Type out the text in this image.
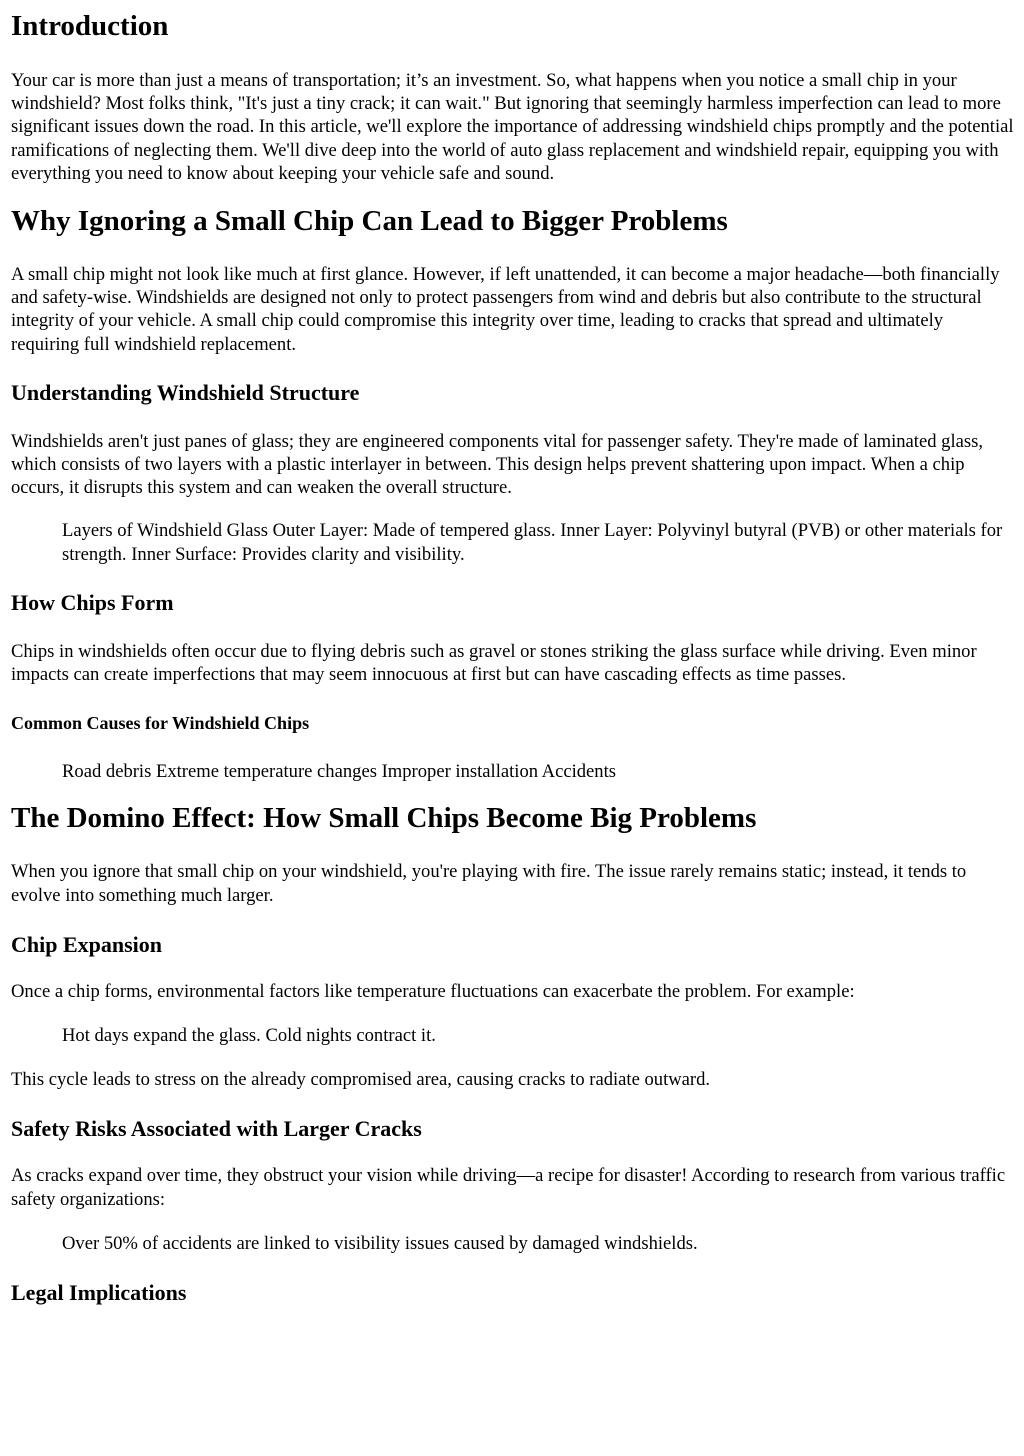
Introduction

Your car is more than just a means of transportation; it’s an investment. So, what happens when you notice a small chip in your windshield? Most folks think, "It's just a tiny crack; it can wait." But ignoring that seemingly harmless imperfection can lead to more significant issues down the road. In this article, we'll explore the importance of addressing windshield chips promptly and the potential ramifications of neglecting them. We'll dive deep into the world of auto glass replacement and windshield repair, equipping you with everything you need to know about keeping your vehicle safe and sound.

Why Ignoring a Small Chip Can Lead to Bigger Problems

A small chip might not look like much at first glance. However, if left unattended, it can become a major headache—both financially and safety-wise. Windshields are designed not only to protect passengers from wind and debris but also contribute to the structural integrity of your vehicle. A small chip could compromise this integrity over time, leading to cracks that spread and ultimately requiring full windshield replacement.

Understanding Windshield Structure

Windshields aren't just panes of glass; they are engineered components vital for passenger safety. They're made of laminated glass, which consists of two layers with a plastic interlayer in between. This design helps prevent shattering upon impact. When a chip occurs, it disrupts this system and can weaken the overall structure.

Layers of Windshield Glass Outer Layer: Made of tempered glass. Inner Layer: Polyvinyl butyral (PVB) or other materials for strength. Inner Surface: Provides clarity and visibility.
How Chips Form

Chips in windshields often occur due to flying debris such as gravel or stones striking the glass surface while driving. Even minor impacts can create imperfections that may seem innocuous at first but can have cascading effects as time passes.

Common Causes for Windshield Chips
Road debris Extreme temperature changes Improper installation Accidents
The Domino Effect: How Small Chips Become Big Problems

When you ignore that small chip on your windshield, you're playing with fire. The issue rarely remains static; instead, it tends to evolve into something much larger.

Chip Expansion

Once a chip forms, environmental factors like temperature fluctuations can exacerbate the problem. For example:

Hot days expand the glass. Cold nights contract it.

This cycle leads to stress on the already compromised area, causing cracks to radiate outward.

Safety Risks Associated with Larger Cracks

As cracks expand over time, they obstruct your vision while driving—a recipe for disaster! According to research from various traffic safety organizations:

Over 50% of accidents are linked to visibility issues caused by damaged windshields.
Legal Implications
